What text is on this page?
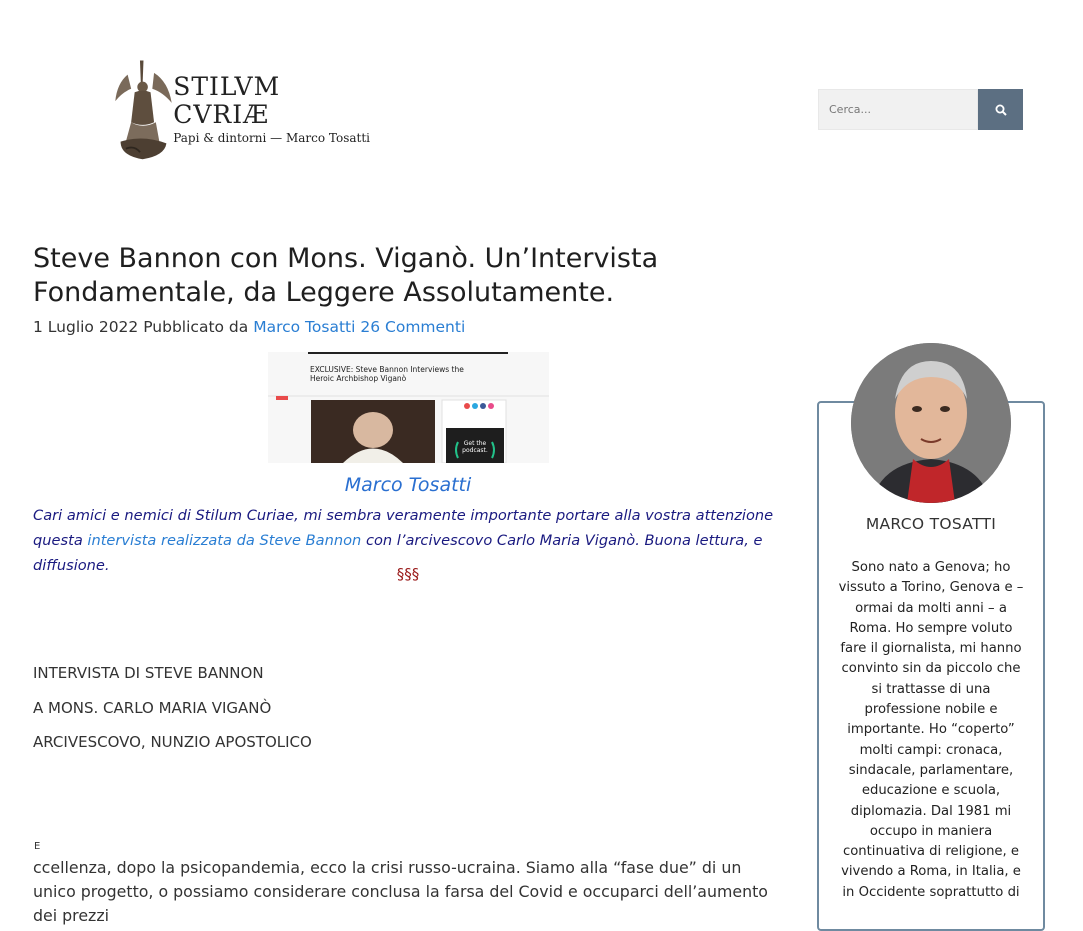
STILVM CVRIÆ
Papi & dintorni — Marco Tosatti
Cerca...
Steve Bannon con Mons. Viganò. Un’Intervista Fondamentale, da Leggere Assolutamente.
1 Luglio 2022 Pubblicato da Marco Tosatti 26 Commenti
EXCLUSIVE: Steve Bannon Interviews the Heroic Archbishop Viganò
Get the
podcast.
Marco Tosatti

Cari amici e nemici di Stilum Curiae, mi sembra veramente importante portare alla vostra attenzione questa intervista realizzata da Steve Bannon con l’arcivescovo Carlo Maria Viganò. Buona lettura, e diffusione.	§§§
INTERVISTA DI STEVE BANNON
A MONS. CARLO MARIA VIGANÒ
ARCIVESCOVO, NUNZIO APOSTOLICO
E

ccellenza, dopo la psicopandemia, ecco la crisi russo-ucraina. Siamo alla “fase due” di un unico progetto, o possiamo considerare conclusa la farsa del Covid e occuparci dell’aumento dei prezzi

MARCO TOSATTI

Sono nato a Genova; ho vissuto a Torino, Genova e – ormai da molti anni – a Roma. Ho sempre voluto fare il giornalista, mi hanno convinto sin da piccolo che si trattasse di una professione nobile e importante. Ho “coperto” molti campi: cronaca, sindacale, parlamentare, educazione e scuola, diplomazia. Dal 1981 mi occupo in maniera continuativa di religione, e vivendo a Roma, in Italia, e in Occidente soprattutto di
